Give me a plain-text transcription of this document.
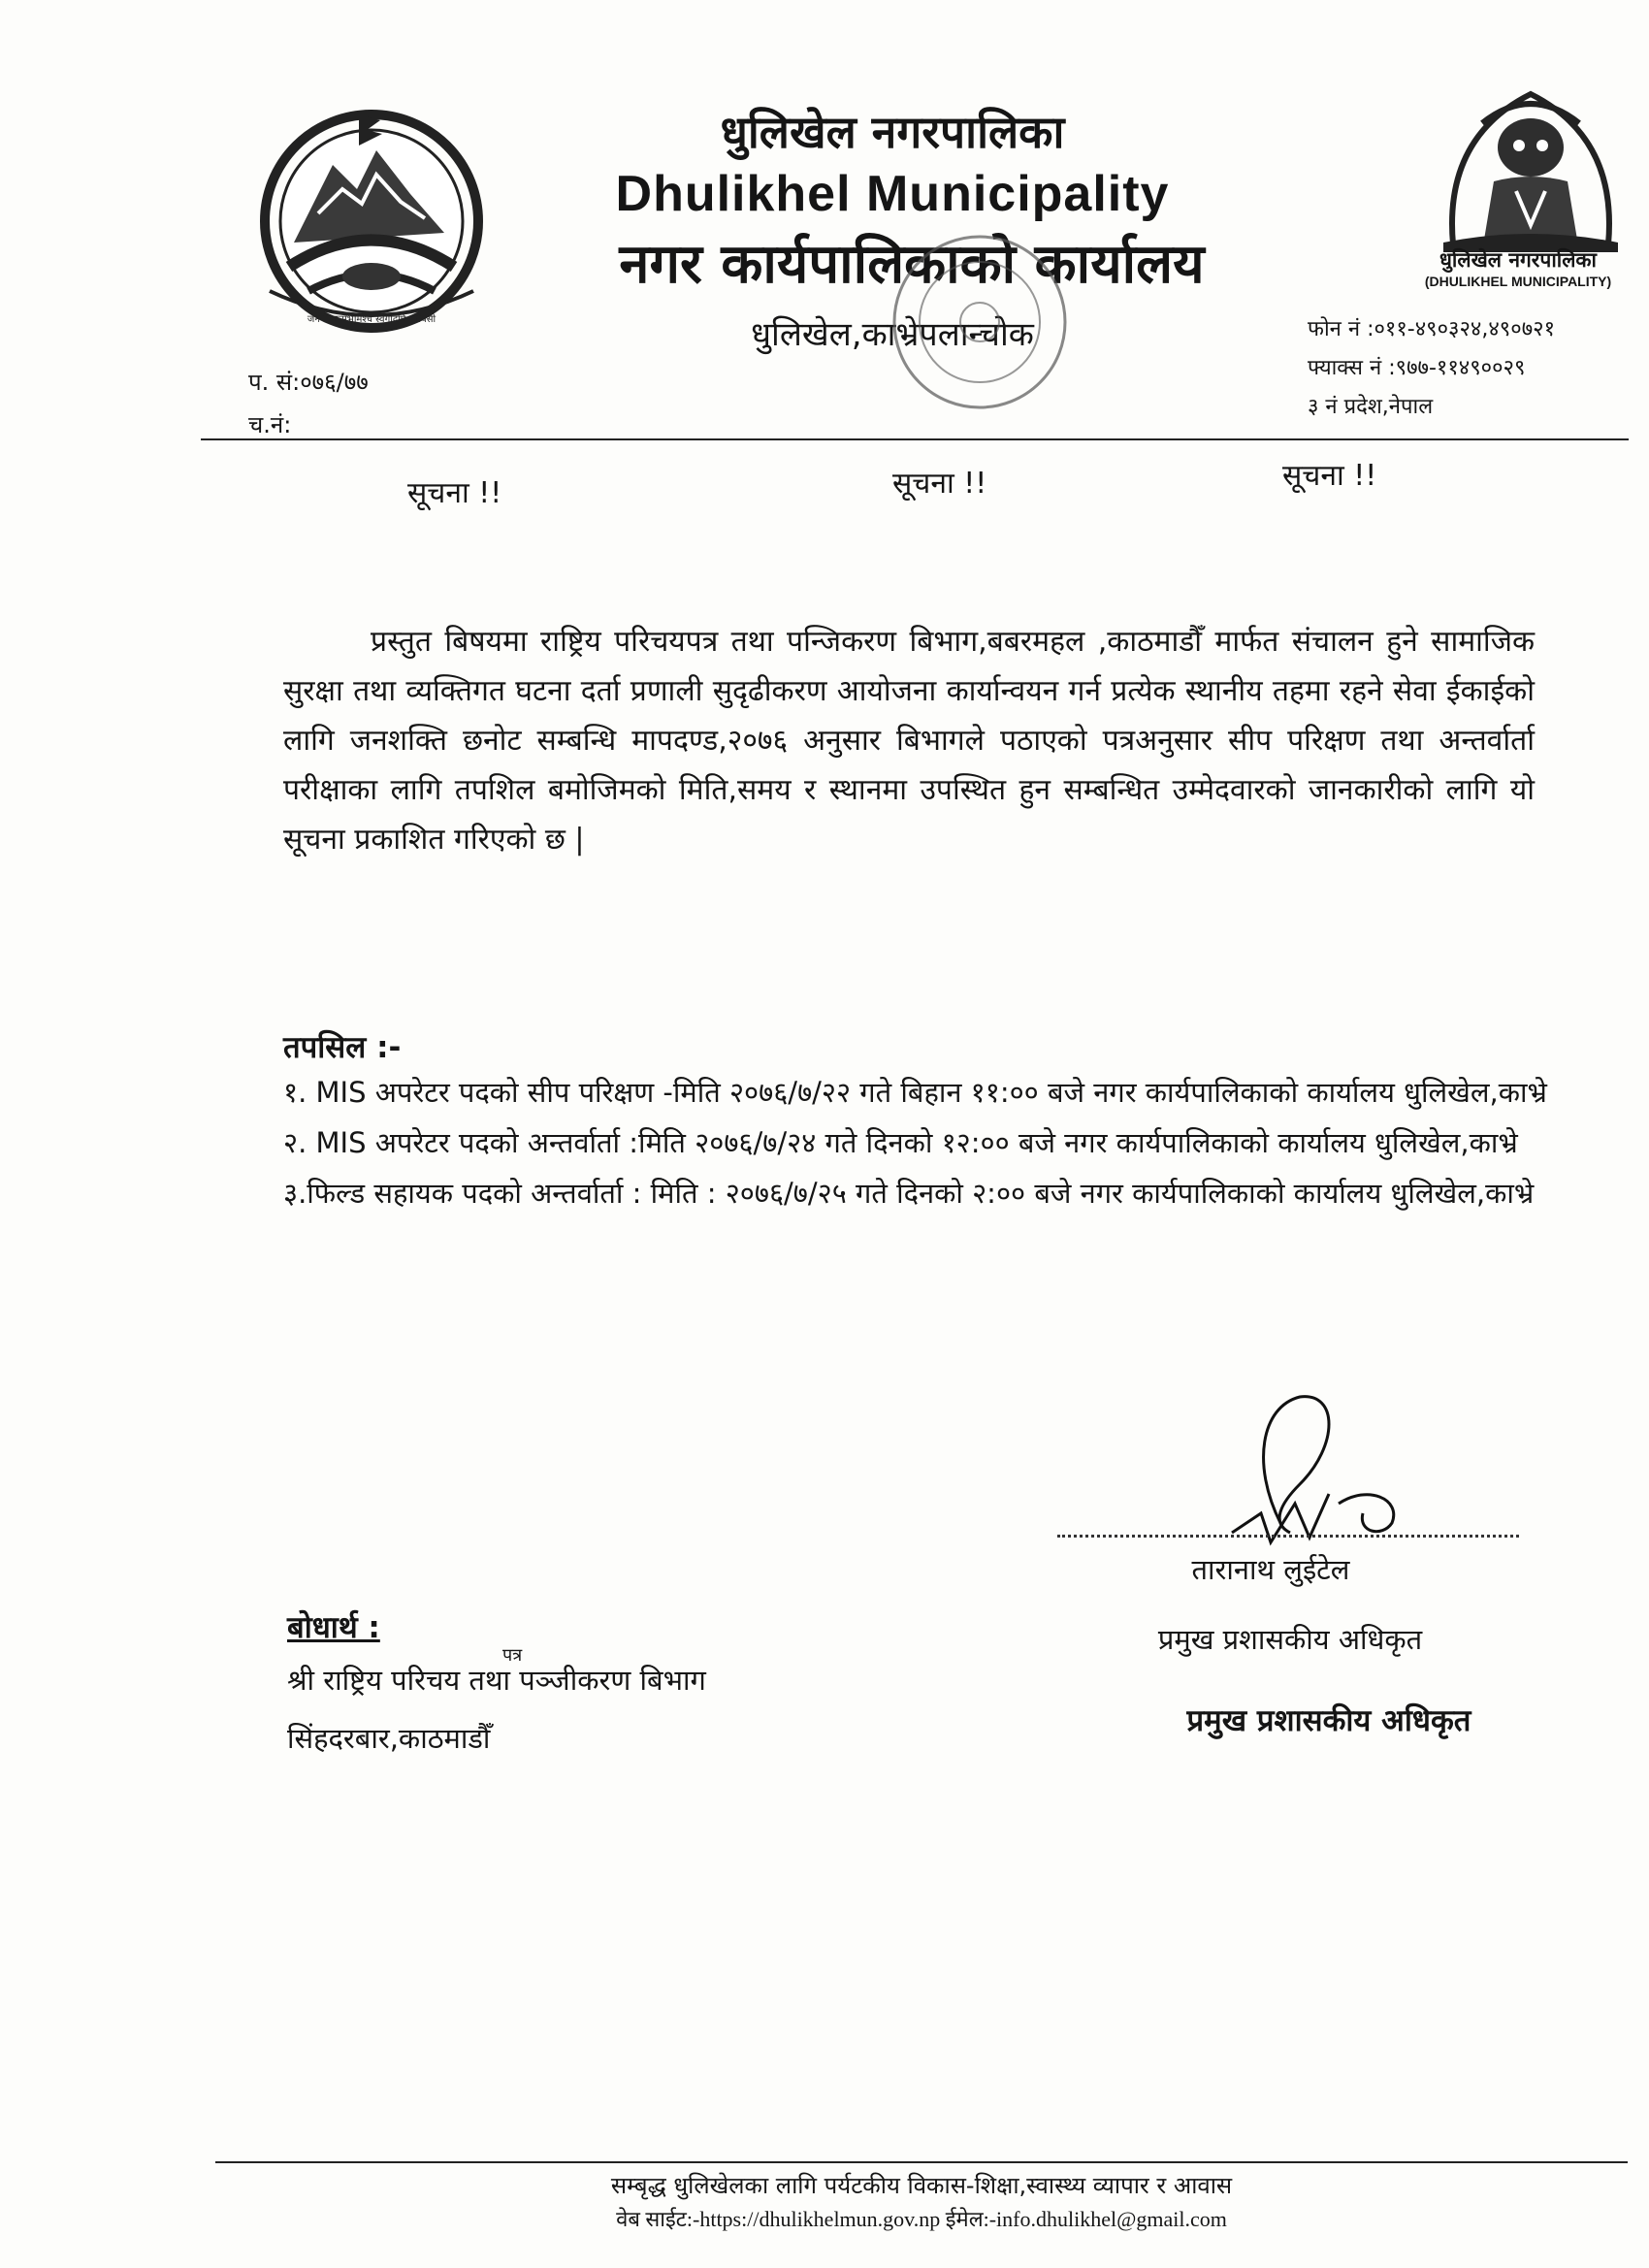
जननी जन्मभूमिश्च स्वर्गादपि गरीयसी
धुलिखेल नगरपालिका
(DHULIKHEL MUNICIPALITY)
धुलिखेल नगरपालिका
Dhulikhel Municipality
नगर कार्यपालिकाको कार्यालय
धुलिखेल,काभ्रेपलान्चोक	फोन नं :०११-४९०३२४,४९०७२१
फ्याक्स नं :९७७-११४९००२९
३ नं प्रदेश,नेपाल
प. सं:०७६/७७
च.नं:
सूचना !!	सूचना !!	सूचना !!
प्रस्तुत बिषयमा राष्ट्रिय परिचयपत्र तथा पन्जिकरण बिभाग,बबरमहल ,काठमाडौँ मार्फत संचालन हुने सामाजिक सुरक्षा तथा व्यक्तिगत घटना दर्ता प्रणाली सुदृढीकरण आयोजना कार्यान्वयन गर्न प्रत्येक स्थानीय तहमा रहने सेवा ईकाईको लागि जनशक्ति छनोट सम्बन्धि मापदण्ड,२०७६ अनुसार बिभागले पठाएको पत्रअनुसार सीप परिक्षण तथा अन्तर्वार्ता परीक्षाका लागि तपशिल बमोजिमको मिति,समय र स्थानमा उपस्थित हुन सम्बन्धित उम्मेदवारको जानकारीको लागि यो सूचना प्रकाशित गरिएको छ |
तपसिल :-

१. MIS अपरेटर पदको सीप परिक्षण -मिति २०७६/७/२२ गते बिहान ११:०० बजे नगर कार्यपालिकाको कार्यालय धुलिखेल,काभ्रे

२. MIS अपरेटर पदको अन्तर्वार्ता :मिति २०७६/७/२४ गते दिनको १२:०० बजे नगर कार्यपालिकाको कार्यालय धुलिखेल,काभ्रे

३.फिल्ड सहायक पदको अन्तर्वार्ता : मिति : २०७६/७/२५ गते दिनको २:०० बजे नगर कार्यपालिकाको कार्यालय धुलिखेल,काभ्रे

तारानाथ लुईटेल
प्रमुख प्रशासकीय अधिकृत
प्रमुख प्रशासकीय अधिकृत
बोधार्थ :
पत्र
श्री राष्ट्रिय परिचय तथा पञ्जीकरण बिभाग
सिंहदरबार,काठमाडौँ
सम्बृद्ध धुलिखेलका लागि पर्यटकीय विकास-शिक्षा,स्वास्थ्य व्यापार र आवास
वेब साईट:-https://dhulikhelmun.gov.np ईमेल:-info.dhulikhel@gmail.com
